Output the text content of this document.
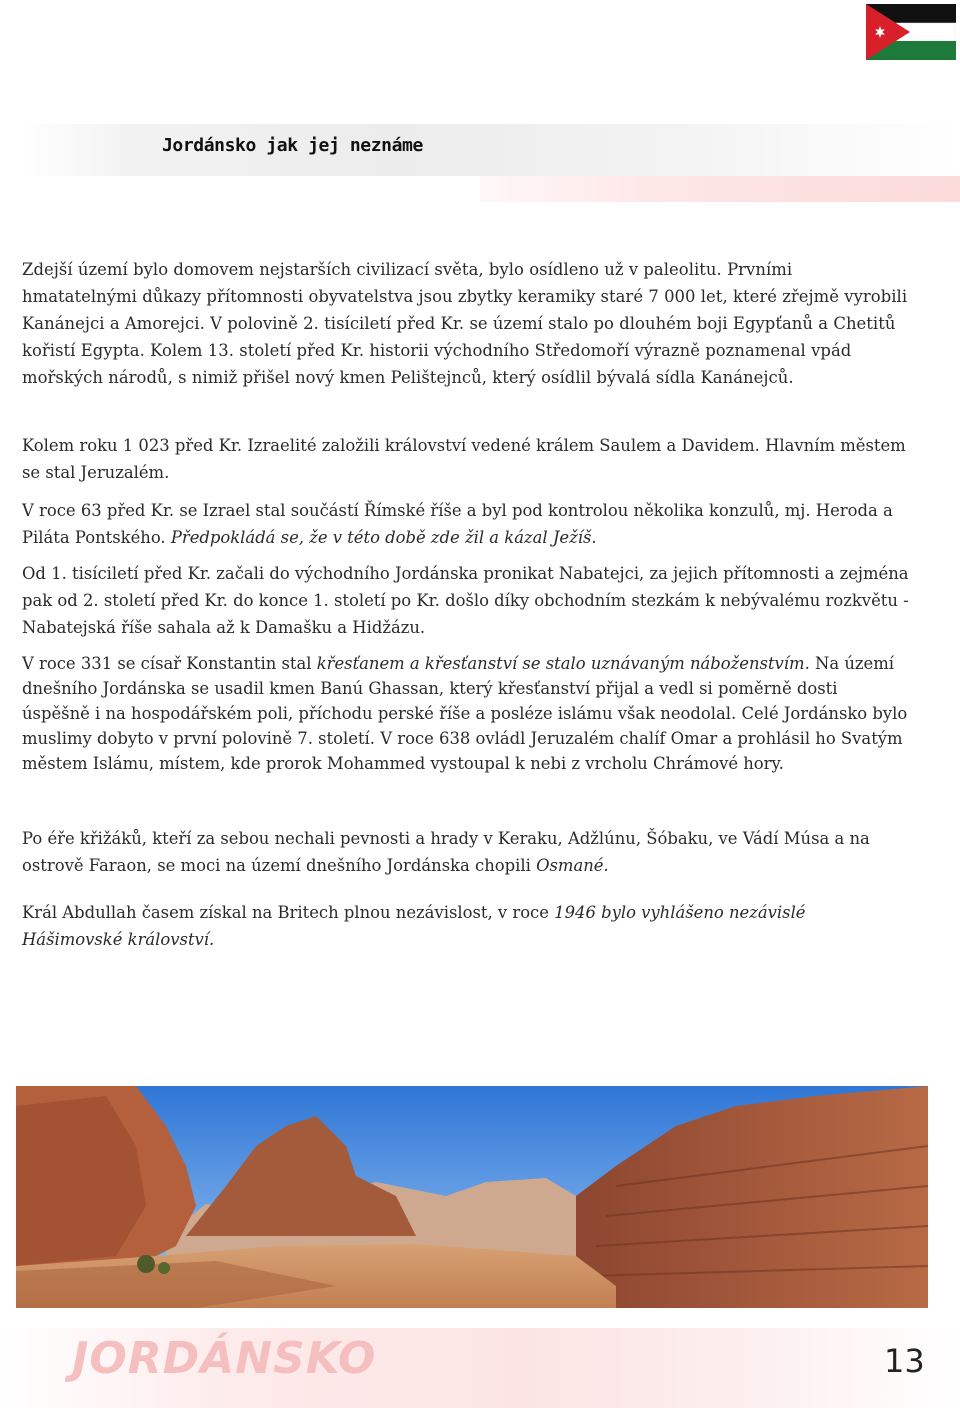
Jordánsko jak jej neznáme

Zdejší území bylo domovem nejstarších civilizací světa, bylo osídleno už v paleolitu. Prvními hmatatelnými důkazy přítomnosti obyvatelstva jsou zbytky keramiky staré 7 000 let, které zřejmě vyrobili Kanánejci a Amorejci. V polovině 2. tisíciletí před Kr. se území stalo po dlouhém boji Egypťanů a Chetitů kořistí Egypta. Kolem 13. století před Kr. historii východního Středomoří výrazně poznamenal vpád mořských národů, s nimiž přišel nový kmen Pelištejnců, který osídlil bývalá sídla Kanánejců.

Kolem roku 1 023 před Kr. Izraelité založili království vedené králem Saulem a Davidem. Hlavním městem se stal Jeruzalém.

V roce 63 před Kr. se Izrael stal součástí Římské říše a byl pod kontrolou několika konzulů, mj. Heroda a Piláta Pontského. Předpokládá se, že v této době zde žil a kázal Ježíš.

Od 1. tisíciletí před Kr. začali do východního Jordánska pronikat Nabatejci, za jejich přítomnosti a zejména pak od 2. století před Kr. do konce 1. století po Kr. došlo díky obchodním stezkám k nebývalému rozkvětu - Nabatejská říše sahala až k Damašku a Hidžázu.

V roce 331 se císař Konstantin stal křesťanem a křesťanství se stalo uznávaným náboženstvím. Na území dnešního Jordánska se usadil kmen Banú Ghassan, který křesťanství přijal a vedl si poměrně dosti úspěšně i na hospodářském poli, příchodu perské říše a posléze islámu však neodolal. Celé Jordánsko bylo muslimy dobyto v první polovině 7. století. V roce 638 ovládl Jeruzalém chalíf Omar a prohlásil ho Svatým městem Islámu, místem, kde prorok Mohammed vystoupal k nebi z vrcholu Chrámové hory.

Po éře křižáků, kteří za sebou nechali pevnosti a hrady v Keraku, Adžlúnu, Šóbaku, ve Vádí Músa a na ostrově Faraon, se moci na území dnešního Jordánska chopili Osmané.

Král Abdullah časem získal na Britech plnou nezávislost, v roce 1946 bylo vyhlášeno nezávislé Hášimovské království.

JORDÁNSKO	13
